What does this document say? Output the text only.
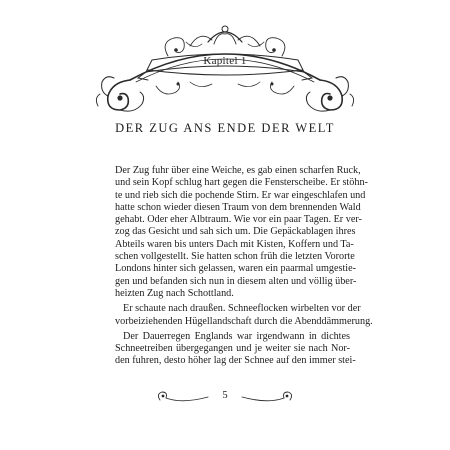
Kapitel 1
DER ZUG ANS ENDE DER WELT
Der Zug fuhr über eine Weiche, es gab einen scharfen Ruck,
und sein Kopf schlug hart gegen die Fensterscheibe. Er stöhn-
te und rieb sich die pochende Stirn. Er war eingeschlafen und
hatte schon wieder diesen Traum von dem brennenden Wald
gehabt. Oder eher Albtraum. Wie vor ein paar Tagen. Er ver-
zog das Gesicht und sah sich um. Die Gepäckablagen ihres
Abteils waren bis unters Dach mit Kisten, Koffern und Ta-
schen vollgestellt. Sie hatten schon früh die letzten Vororte
Londons hinter sich gelassen, waren ein paarmal umgestie-
gen und befanden sich nun in diesem alten und völlig über-
heizten Zug nach Schottland.
Er schaute nach draußen. Schneeflocken wirbelten vor der
vorbeiziehenden Hügellandschaft durch die Abenddämmerung.
Der Dauerregen Englands war irgendwann in dichtes
Schneetreiben übergegangen und je weiter sie nach Nor-
den fuhren, desto höher lag der Schnee auf den immer stei-
5
